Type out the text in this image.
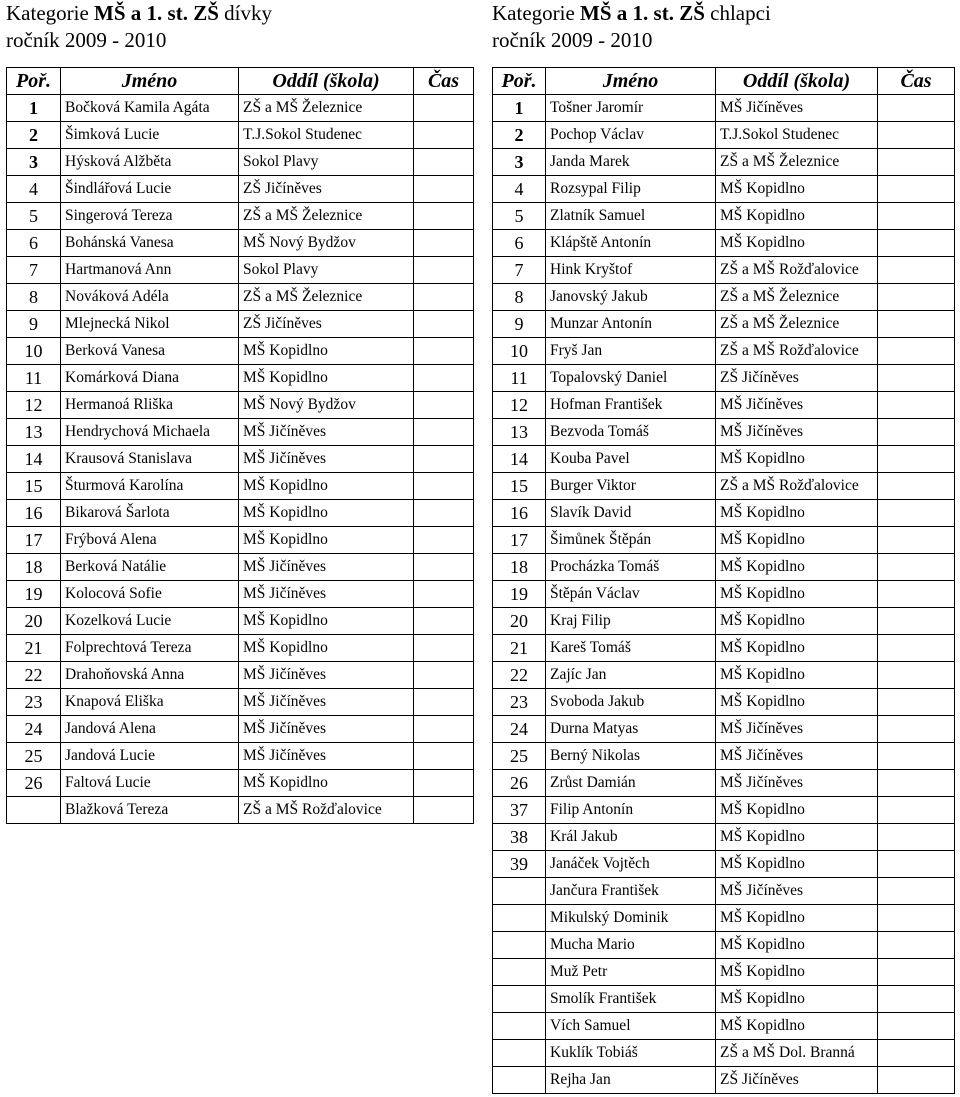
Kategorie MŠ a 1. st. ZŠ dívky
ročník 2009 - 2010
Poř.	Jméno	Oddíl (škola)	Čas
1	Bočková Kamila Agáta	ZŠ a MŠ Železnice	
2	Šimková Lucie	T.J.Sokol Studenec	
3	Hýsková Alžběta	Sokol Plavy	
4	Šindlářová Lucie	ZŠ Jičíněves	
5	Singerová Tereza	ZŠ a MŠ Železnice	
6	Bohánská Vanesa	MŠ Nový Bydžov	
7	Hartmanová Ann	Sokol Plavy	
8	Nováková Adéla	ZŠ a MŠ Železnice	
9	Mlejnecká Nikol	ZŠ Jičíněves	
10	Berková Vanesa	MŠ Kopidlno	
11	Komárková Diana	MŠ Kopidlno	
12	Hermanoá Rliška	MŠ Nový Bydžov	
13	Hendrychová Michaela	MŠ Jičíněves	
14	Krausová Stanislava	MŠ Jičíněves	
15	Šturmová Karolína	MŠ Kopidlno	
16	Bikarová Šarlota	MŠ Kopidlno	
17	Frýbová Alena	MŠ Kopidlno	
18	Berková Natálie	MŠ Jičíněves	
19	Kolocová Sofie	MŠ Jičíněves	
20	Kozelková Lucie	MŠ Kopidlno	
21	Folprechtová Tereza	MŠ Kopidlno	
22	Drahoňovská Anna	MŠ Jičíněves	
23	Knapová Eliška	MŠ Jičíněves	
24	Jandová Alena	MŠ Jičíněves	
25	Jandová Lucie	MŠ Jičíněves	
26	Faltová Lucie	MŠ Kopidlno	
	Blažková Tereza	ZŠ a MŠ Rožďalovice	
Kategorie MŠ a 1. st. ZŠ chlapci
ročník 2009 - 2010
Poř.	Jméno	Oddíl (škola)	Čas
1	Tošner Jaromír	MŠ Jičíněves	
2	Pochop Václav	T.J.Sokol Studenec	
3	Janda Marek	ZŠ a MŠ Železnice	
4	Rozsypal Filip	MŠ Kopidlno	
5	Zlatník Samuel	MŠ Kopidlno	
6	Klápště Antonín	MŠ Kopidlno	
7	Hink Kryštof	ZŠ a MŠ Rožďalovice	
8	Janovský Jakub	ZŠ a MŠ Železnice	
9	Munzar Antonín	ZŠ a MŠ Železnice	
10	Fryš Jan	ZŠ a MŠ Rožďalovice	
11	Topalovský Daniel	ZŠ Jičíněves	
12	Hofman František	MŠ Jičíněves	
13	Bezvoda Tomáš	MŠ Jičíněves	
14	Kouba Pavel	MŠ Kopidlno	
15	Burger Viktor	ZŠ a MŠ Rožďalovice	
16	Slavík David	MŠ Kopidlno	
17	Šimůnek Štěpán	MŠ Kopidlno	
18	Procházka Tomáš	MŠ Kopidlno	
19	Štěpán Václav	MŠ Kopidlno	
20	Kraj Filip	MŠ Kopidlno	
21	Kareš Tomáš	MŠ Kopidlno	
22	Zajíc Jan	MŠ Kopidlno	
23	Svoboda Jakub	MŠ Kopidlno	
24	Durna Matyas	MŠ Jičíněves	
25	Berný Nikolas	MŠ Jičíněves	
26	Zrůst Damián	MŠ Jičíněves	
37	Filip Antonín	MŠ Kopidlno	
38	Král Jakub	MŠ Kopidlno	
39	Janáček Vojtěch	MŠ Kopidlno	
	Jančura František	MŠ Jičíněves	
	Mikulský Dominik	MŠ Kopidlno	
	Mucha Mario	MŠ Kopidlno	
	Muž Petr	MŠ Kopidlno	
	Smolík František	MŠ Kopidlno	
	Vích Samuel	MŠ Kopidlno	
	Kuklík Tobiáš	ZŠ a MŠ Dol. Branná	
	Rejha Jan	ZŠ Jičíněves	
